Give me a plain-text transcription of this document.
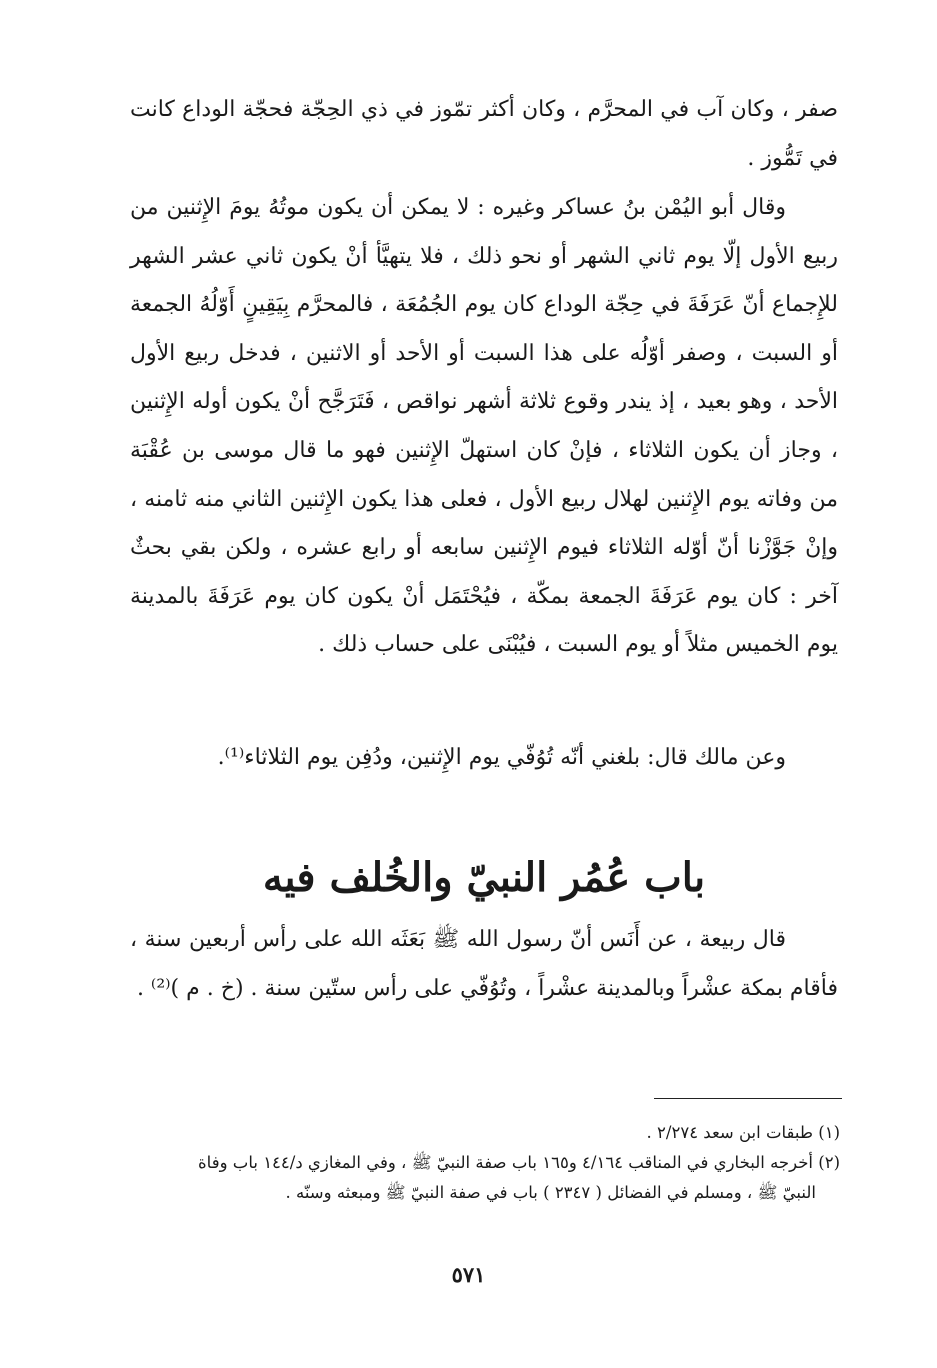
صفر ، وكان آب في المحرَّم ، وكان أكثر تمّوز في ذي الحِجّة فحجّة الوداع كانت في تَمُّوز .

وقال أبو اليُمْن بنُ عساكر وغيره : لا يمكن أن يكون موتُهُ يومَ الإِثنين من ربيع الأول إلّا يوم ثاني الشهر أو نحو ذلك ، فلا يتهيَّأ أنْ يكون ثاني عشر الشهر للإِجماع أنّ عَرَفَةَ في حِجّة الوداع كان يوم الجُمُعَة ، فالمحرَّم بِيَقِينٍ أَوّلُهُ الجمعة أو السبت ، وصفر أوّلُه على هذا السبت أو الأحد أو الاثنين ، فدخل ربيع الأول الأحد ، وهو بعيد ، إذ يندر وقوع ثلاثة أشهر نواقص ، فَتَرَجَّح أنْ يكون أوله الإِثنين ، وجاز أن يكون الثلاثاء ، فإنْ كان استهلّ الإِثنين فهو ما قال موسى بن عُقْبَة من وفاته يوم الإِثنين لهلال ربيع الأول ، فعلى هذا يكون الإِثنين الثاني منه ثامنه ، وإنْ جَوَّزْنا أنّ أوّله الثلاثاء فيوم الإِثنين سابعه أو رابع عشره ، ولكن بقي بحثٌ آخر : كان يوم عَرَفَةَ الجمعة بمكّة ، فيُحْتَمَل أنْ يكون كان يوم عَرَفَةَ بالمدينة يوم الخميس مثلاً أو يوم السبت ، فيُبْنَى على حساب ذلك .

وعن مالك قال: بلغني أنّه تُوُفّي يوم الإِثنين، ودُفِن يوم الثلاثاء⁽¹⁾.

باب عُمُر النبيّ والخُلف فيه

قال ربيعة ، عن أَنَس أنّ رسول الله ﷺ بَعَثَه الله على رأس أربعين سنة ، فأقام بمكة عشْراً وبالمدينة عشْراً ، وتُوُفّي على رأس ستّين سنة . (خ . م )⁽²⁾ .

(١) طبقات ابن سعد ٢/٢٧٤ .

(٢) أخرجه البخاري في المناقب ٤/١٦٤ و١٦٥ باب صفة النبيّ ﷺ ، وفي المغازي د/١٤٤ باب وفاة

النبيّ ﷺ ، ومسلم في الفضائل ( ٢٣٤٧ ) باب في صفة النبيّ ﷺ ومبعثه وسنّه .

٥٧١
